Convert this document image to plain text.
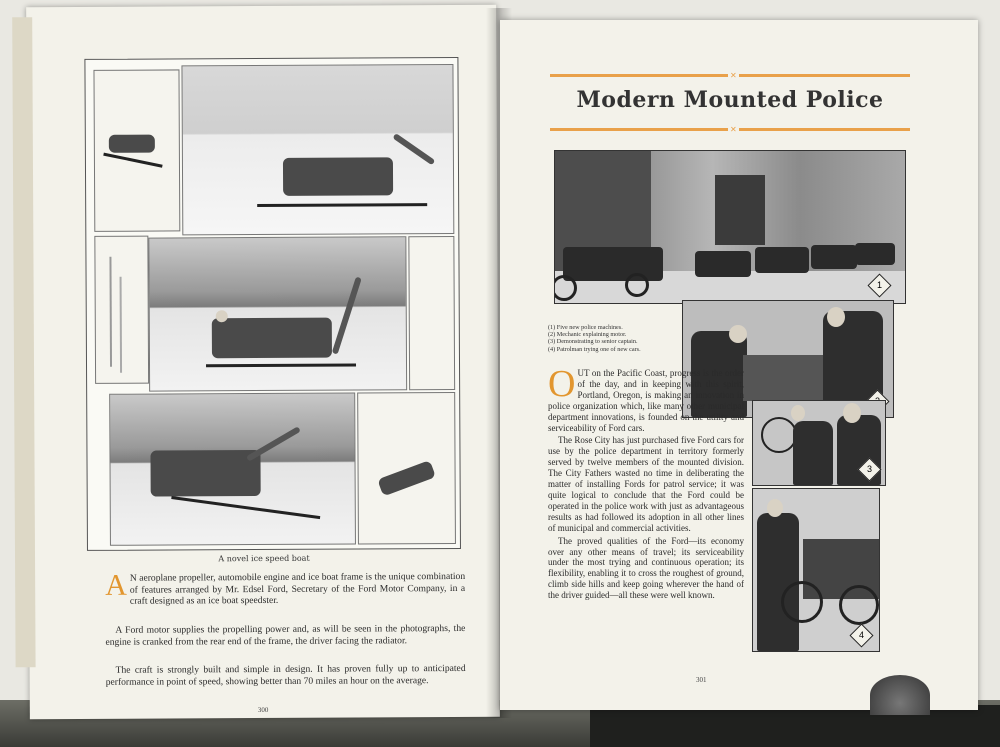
A novel ice speed boat
A N aeroplane propeller, automobile engine and ice boat frame is the unique combination of features arranged by Mr. Edsel Ford, Secretary of the Ford Motor Company, in a craft designed as an ice boat speedster.
A Ford motor supplies the propelling power and, as will be seen in the photographs, the engine is cranked from the rear end of the frame, the driver facing the radiator.
The craft is strongly built and simple in design. It has proven fully up to anticipated performance in point of speed, showing better than 70 miles an hour on the average.
300
✕
Modern Mounted Police
✕
1
(1) Five new police machines.
(2) Mechanic explaining motor.
(3) Demonstrating to senior captain.
(4) Patrolman trying one of new cars.
3
4

OUT on the Pacific Coast, progress is the order of the day, and in keeping with this spirit, Portland, Oregon, is making an innovation in police organization which, like many other municipal department innovations, is founded on the utility and serviceability of Ford cars.

The Rose City has just purchased five Ford cars for use by the police department in territory formerly served by twelve members of the mounted division. The City Fathers wasted no time in deliberating the matter of installing Fords for patrol service; it was quite logical to conclude that the Ford could be operated in the police work with just as advantageous results as had followed its adoption in all other lines of municipal and commercial activities.

The proved qualities of the Ford—its economy over any other means of travel; its serviceability under the most trying and continuous operation; its flexibility, enabling it to cross the roughest of ground, climb side hills and keep going wherever the hand of the driver guided—all these were well known.

301
